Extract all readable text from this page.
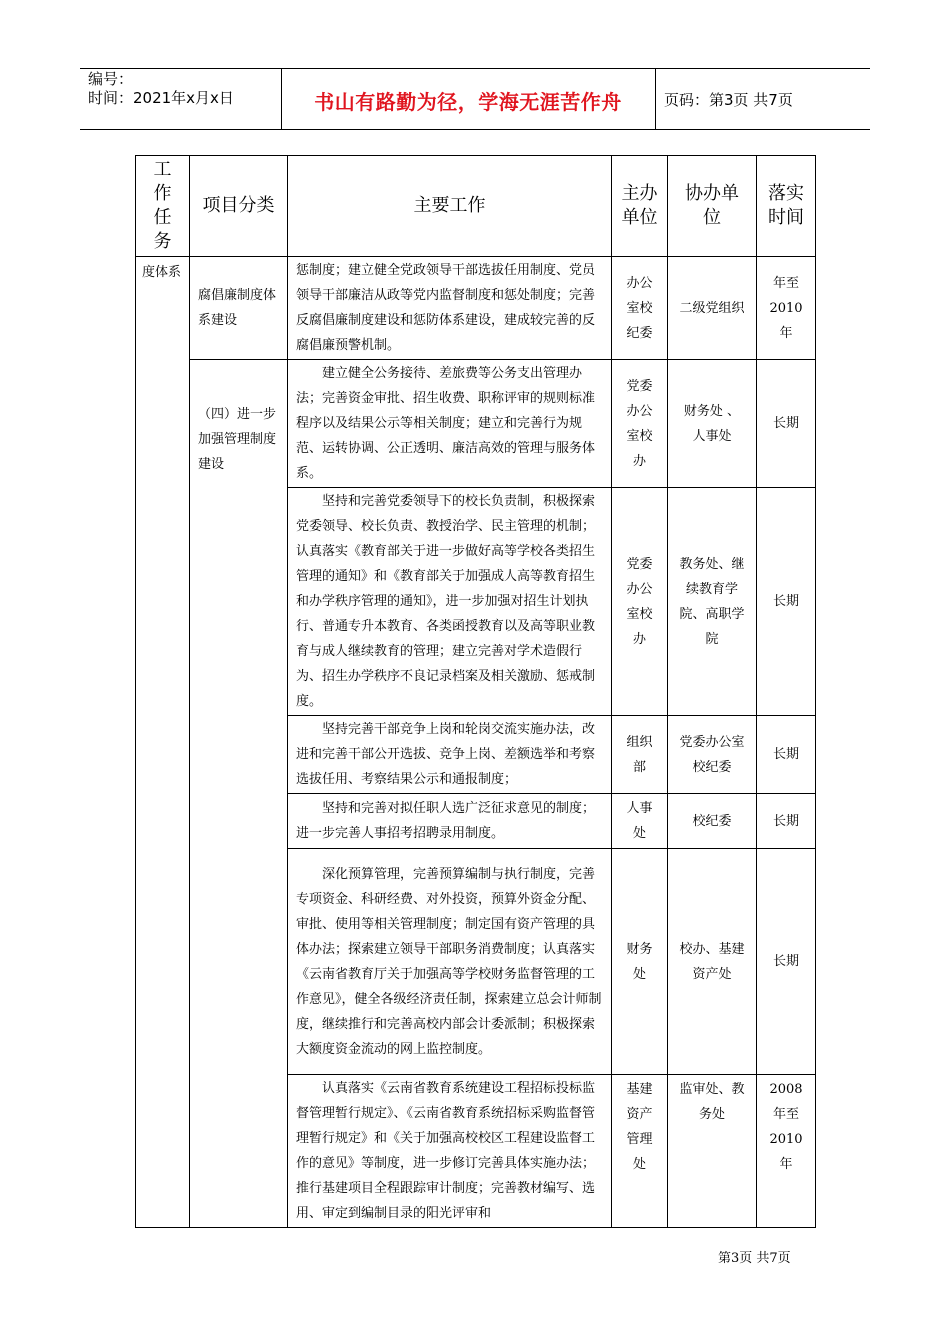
编号：
时间：2021年x月x日	书山有路勤为径，学海无涯苦作舟	页码：第3页 共7页
工作任务	项目分类	主要工作	主办单位	协办单位	落实时间
度体系	腐倡廉制度体系建设	惩制度；建立健全党政领导干部选拔任用制度、党员领导干部廉洁从政等党内监督制度和惩处制度；完善反腐倡廉制度建设和惩防体系建设，建成较完善的反腐倡廉预警机制。	办公室校纪委	二级党组织	年至2010年
	（四）进一步加强管理制度建设	建立健全公务接待、差旅费等公务支出管理办法；完善资金审批、招生收费、职称评审的规则标准程序以及结果公示等相关制度；建立和完善行为规范、运转协调、公正透明、廉洁高效的管理与服务体系。	党委办公室校办	财务处 、人事处	长期
		坚持和完善党委领导下的校长负责制，积极探索党委领导、校长负责、教授治学、民主管理的机制；认真落实《教育部关于进一步做好高等学校各类招生管理的通知》和《教育部关于加强成人高等教育招生和办学秩序管理的通知》，进一步加强对招生计划执行、普通专升本教育、各类函授教育以及高等职业教育与成人继续教育的管理；建立完善对学术造假行为、招生办学秩序不良记录档案及相关激励、惩戒制度。	党委办公室校办	教务处、继续教育学院、高职学院	长期
		坚持完善干部竞争上岗和轮岗交流实施办法，改进和完善干部公开选拔、竞争上岗、差额选举和考察选拔任用、考察结果公示和通报制度；	组织部	党委办公室校纪委	长期
		坚持和完善对拟任职人选广泛征求意见的制度；进一步完善人事招考招聘录用制度。	人事处	校纪委	长期
		深化预算管理，完善预算编制与执行制度，完善专项资金、科研经费、对外投资，预算外资金分配、审批、使用等相关管理制度；制定国有资产管理的具体办法；探索建立领导干部职务消费制度；认真落实《云南省教育厅关于加强高等学校财务监督管理的工作意见》，健全各级经济责任制，探索建立总会计师制度，继续推行和完善高校内部会计委派制；积极探索大额度资金流动的网上监控制度。	财务处	校办、基建资产处	长期
		认真落实《云南省教育系统建设工程招标投标监督管理暂行规定》、《云南省教育系统招标采购监督管理暂行规定》和《关于加强高校校区工程建设监督工作的意见》等制度，进一步修订完善具体实施办法；推行基建项目全程跟踪审计制度；完善教材编写、选用、审定到编制目录的阳光评审和	基建资产管理处	监审处、教务处	2008年至2010年
第3页 共7页
